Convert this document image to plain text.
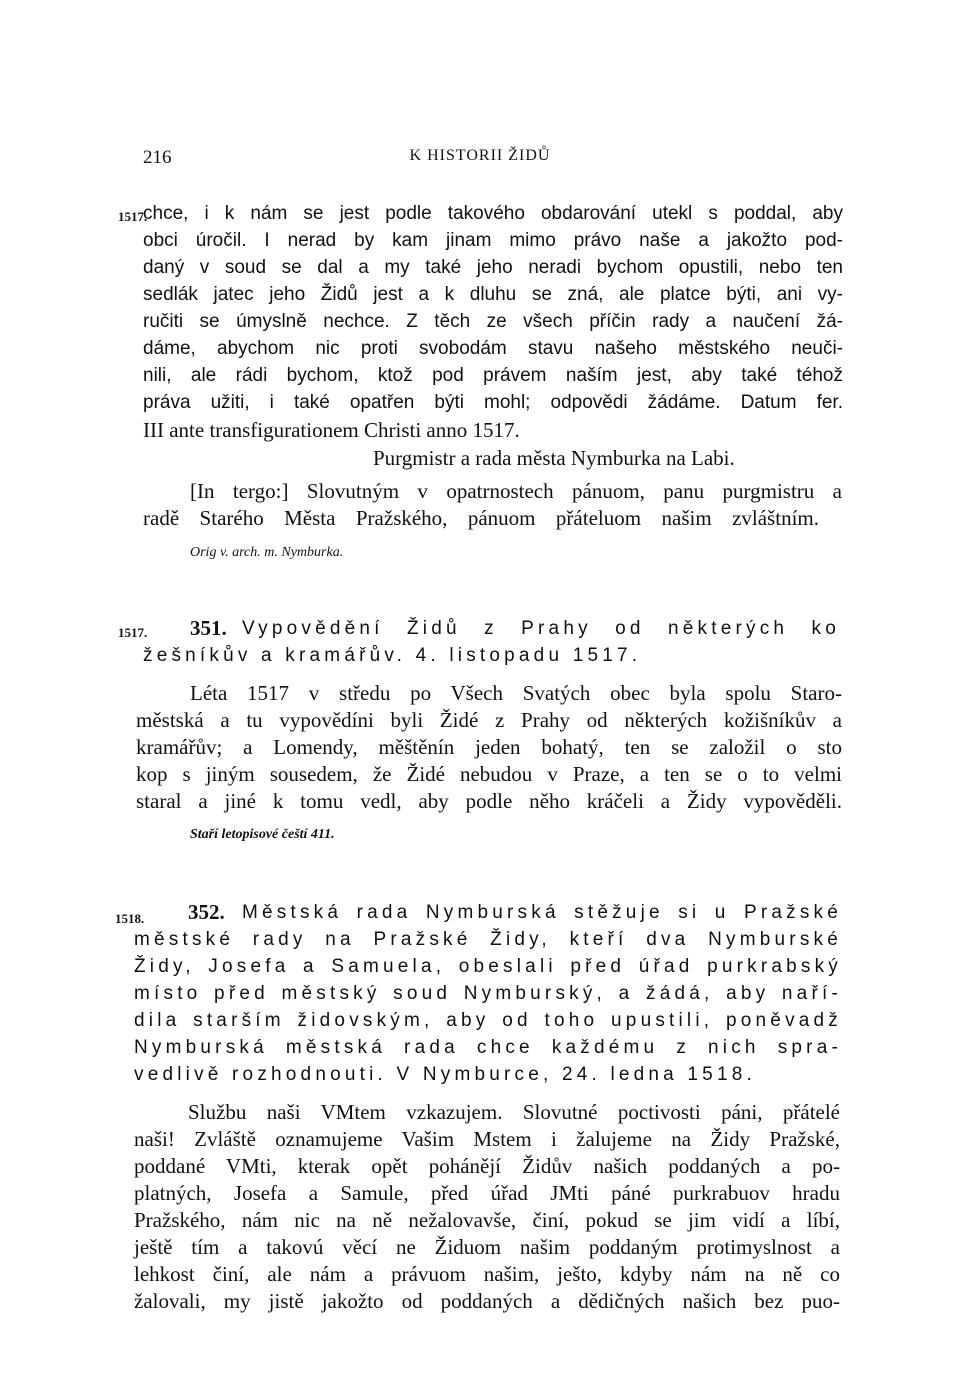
216	K HISTORII ŽIDŮ
1517.
chce, i k nám se jest podle takového obdarování utekl s poddal, aby
obci úročil. I nerad by kam jinam mimo právo naše a jakožto pod-
daný v soud se dal a my také jeho neradi bychom opustili, nebo ten
sedlák jatec jeho Židů jest a k dluhu se zná, ale platce býti, ani vy-
ručiti se úmyslně nechce. Z těch ze všech příčin rady a naučení žá-
dáme, abychom nic proti svobodám stavu našeho městského neuči-
nili, ale rádi bychom, ktož pod právem naším jest, aby také téhož
práva užiti, i také opatřen býti mohl; odpovědi žádáme. Datum fer.
III ante transfigurationem Christi anno 1517.
Purgmistr a rada města Nymburka na Labi.
[In tergo:] Slovutným v opatrnostech pánuom, panu purgmistru a
radě Starého Města Pražského, pánuom přáteluom našim zvláštním.
Orig v. arch. m. Nymburka.
1517. 351. Vypovědění Židů z Prahy od některých ko
žešníkův a kramářův. 4. listopadu 1517.
Léta 1517 v středu po Všech Svatých obec byla spolu Staro-
městská a tu vypovědíni byli Židé z Prahy od některých kožišníkův a
kramářův; a Lomendy, měštěnín jeden bohatý, ten se založil o sto
kop s jiným sousedem, že Židé nebudou v Praze, a ten se o to velmi
staral a jiné k tomu vedl, aby podle něho kráčeli a Židy vypověděli.
Staří letopisové čeští 411.
1518. 352. Městská rada Nymburská stěžuje si u Pražské
městské rady na Pražské Židy, kteří dva Nymburské
Židy, Josefa a Samuela, obeslali před úřad purkrabský
místo před městský soud Nymburský, a žádá, aby naří-
dila starším židovským, aby od toho upustili, poněvadž
Nymburská městská rada chce každému z nich spra-
vedlivě rozhodnouti. V Nymburce, 24. ledna 1518.
Službu naši VMtem vzkazujem. Slovutné poctivosti páni, přátelé
naši! Zvláště oznamujeme Vašim Mstem i žalujeme na Židy Pražské,
poddané VMti, kterak opět pohánějí Židův našich poddaných a po-
platných, Josefa a Samule, před úřad JMti páné purkrabuov hradu
Pražského, nám nic na ně nežalovavše, činí, pokud se jim vidí a líbí,
ještě tím a takovú věcí ne Židuom našim poddaným protimyslnost a
lehkost činí, ale nám a právuom našim, ješto, kdyby nám na ně co
žalovali, my jistě jakožto od poddaných a dědičných našich bez puo-
